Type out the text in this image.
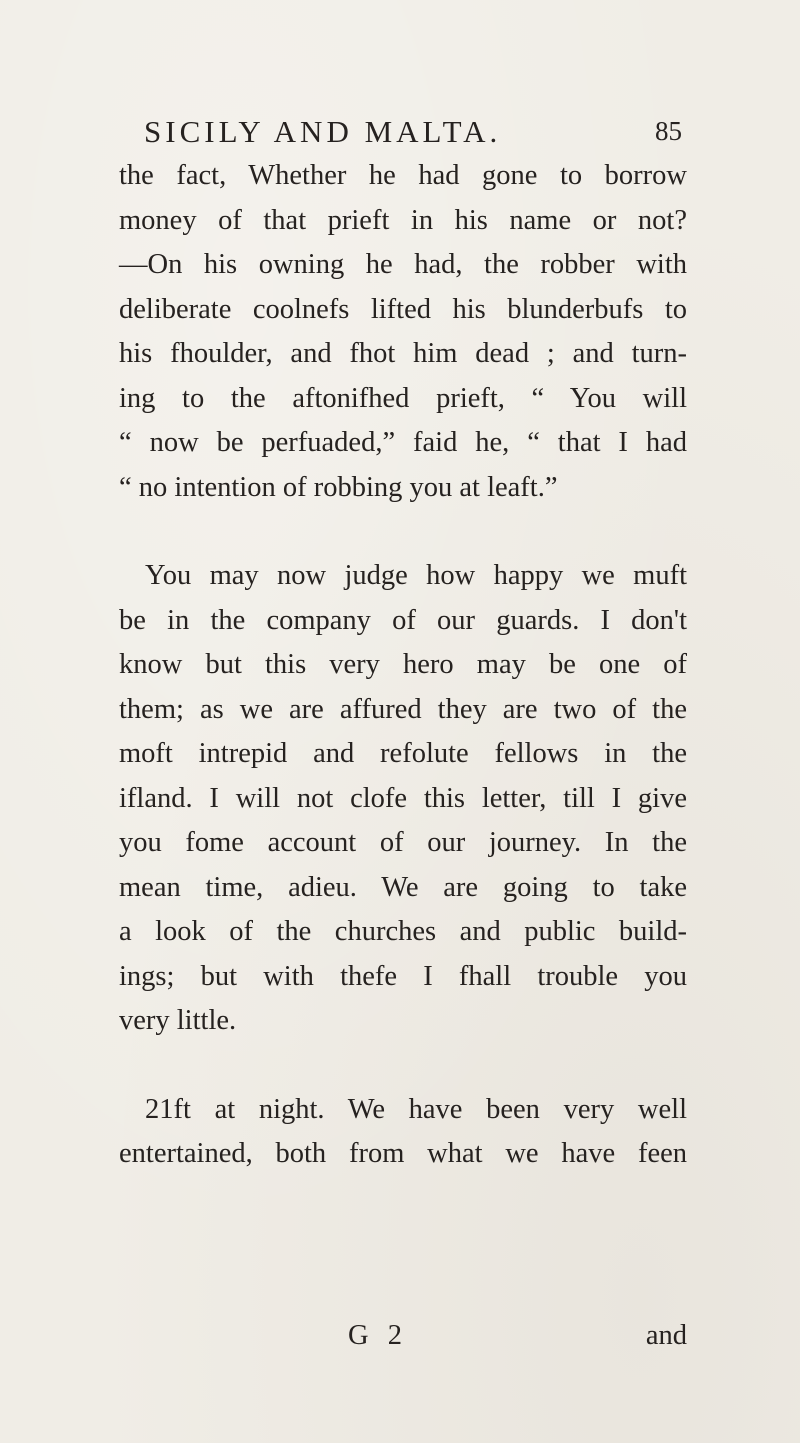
SICILY AND MALTA.	85
the fact, Whether he had gone to borrow
money of that prieft in his name or not?
—On his owning he had, the robber with
deliberate coolnefs lifted his blunderbufs to
his fhoulder, and fhot him dead ; and turn-
ing to the aftonifhed prieft, “ You will
“ now be perfuaded,” faid he, “ that I had
“ no intention of robbing you at leaft.”
You may now judge how happy we muft
be in the company of our guards. I don't
know but this very hero may be one of
them; as we are affured they are two of the
moft intrepid and refolute fellows in the
ifland. I will not clofe this letter, till I give
you fome account of our journey. In the
mean time, adieu. We are going to take
a look of the churches and public build-
ings; but with thefe I fhall trouble you
very little.
21ft at night. We have been very well
entertained, both from what we have feen
G 2	and
